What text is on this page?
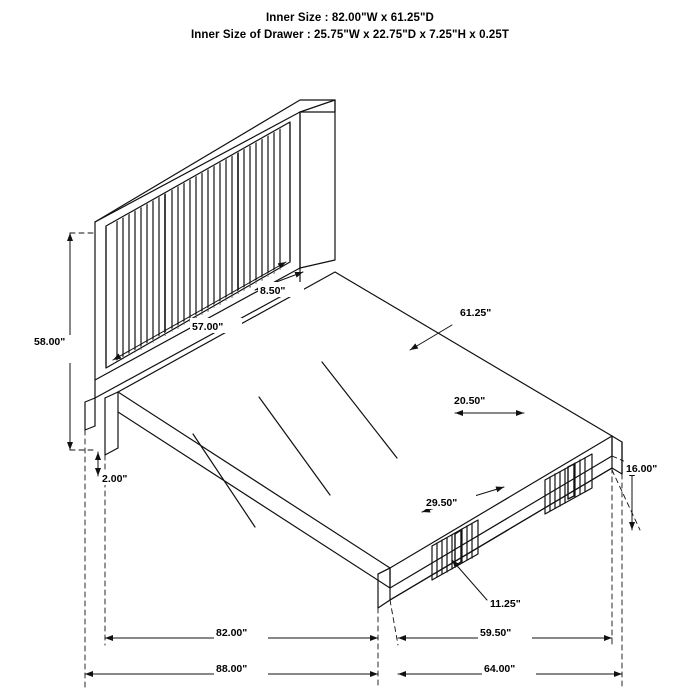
Inner Size : 82.00"W x 61.25"D
Inner Size of Drawer : 25.75"W x 22.75"D x 7.25"H x 0.25T
58.00"
57.00"
8.50"
61.25"
20.50"
29.50"
16.00"
2.00"
11.25"
82.00"	59.50"
88.00"	64.00"
